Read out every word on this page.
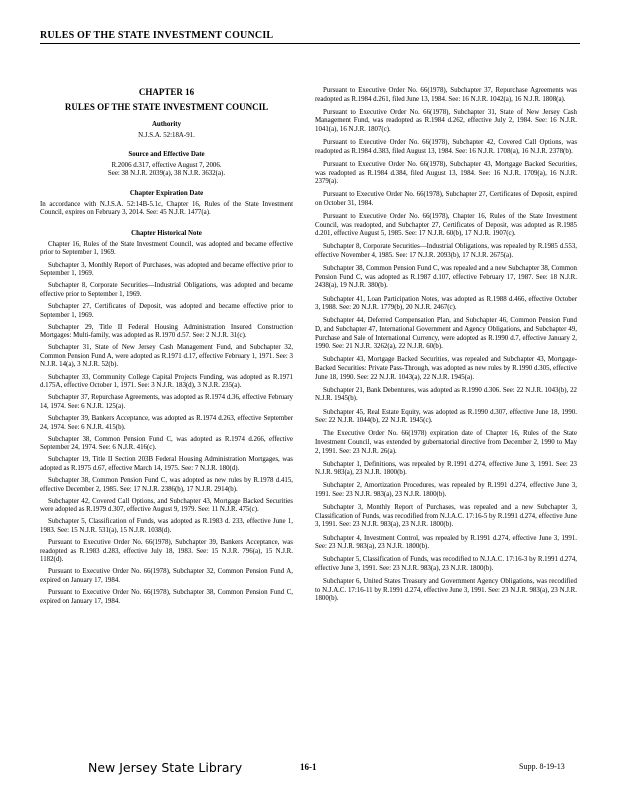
RULES OF THE STATE INVESTMENT COUNCIL
CHAPTER 16
RULES OF THE STATE INVESTMENT COUNCIL
Authority
N.J.S.A. 52:18A-91.
Source and Effective Date
R.2006 d.317, effective August 7, 2006.
See: 38 N.J.R. 2039(a), 38 N.J.R. 3632(a).
Chapter Expiration Date

In accordance with N.J.S.A. 52:14B-5.1c, Chapter 16, Rules of the State Investment Council, expires on February 3, 2014. See: 45 N.J.R. 1477(a).

Chapter Historical Note

Chapter 16, Rules of the State Investment Council, was adopted and became effective prior to September 1, 1969.

Subchapter 3, Monthly Report of Purchases, was adopted and became effective prior to September 1, 1969.

Subchapter 8, Corporate Securities—Industrial Obligations, was adopted and became effective prior to September 1, 1969.

Subchapter 27, Certificates of Deposit, was adopted and became effective prior to September 1, 1969.

Subchapter 29, Title II Federal Housing Administration Insured Construction Mortgages: Multi-family, was adopted as R.1970 d.57. See: 2 N.J.R. 31(c).

Subchapter 31, State of New Jersey Cash Management Fund, and Subchapter 32, Common Pension Fund A, were adopted as R.1971 d.17, effective February 1, 1971. See: 3 N.J.R. 14(a), 3 N.J.R. 52(b).

Subchapter 33, Community College Capital Projects Funding, was adopted as R.1971 d.175A, effective October 1, 1971. See: 3 N.J.R. 183(d), 3 N.J.R. 235(a).

Subchapter 37, Repurchase Agreements, was adopted as R.1974 d.36, effective February 14, 1974. See: 6 N.J.R. 125(a).

Subchapter 39, Bankers Acceptance, was adopted as R.1974 d.263, effective September 24, 1974. See: 6 N.J.R. 415(b).

Subchapter 38, Common Pension Fund C, was adopted as R.1974 d.266, effective September 24, 1974. See: 6 N.J.R. 416(c).

Subchapter 19, Title II Section 203B Federal Housing Administration Mortgages, was adopted as R.1975 d.67, effective March 14, 1975. See: 7 N.J.R. 180(d).

Subchapter 38, Common Pension Fund C, was adopted as new rules by R.1978 d.415, effective December 2, 1985. See: 17 N.J.R. 2386(b), 17 N.J.R. 2914(b).

Subchapter 42, Covered Call Options, and Subchapter 43, Mortgage Backed Securities were adopted as R.1979 d.307, effective August 9, 1979. See: 11 N.J.R. 475(c).

Subchapter 5, Classification of Funds, was adopted as R.1983 d. 233, effective June 1, 1983. See: 15 N.J.R. 531(a), 15 N.J.R. 1038(d).

Pursuant to Executive Order No. 66(1978), Subchapter 39, Bankers Acceptance, was readopted as R.1983 d.283, effective July 18, 1983. See: 15 N.J.R. 796(a), 15 N.J.R. 1182(d).

Pursuant to Executive Order No. 66(1978), Subchapter 32, Common Pension Fund A, expired on January 17, 1984.

Pursuant to Executive Order No. 66(1978), Subchapter 38, Common Pension Fund C, expired on January 17, 1984.

Pursuant to Executive Order No. 66(1978), Subchapter 37, Repurchase Agreements was readopted as R.1984 d.261, filed June 13, 1984. See: 16 N.J.R. 1042(a), 16 N.J.R. 1808(a).

Pursuant to Executive Order No. 66(1978), Subchapter 31, State of New Jersey Cash Management Fund, was readopted as R.1984 d.262, effective July 2, 1984. See: 16 N.J.R. 1041(a), 16 N.J.R. 1807(c).

Pursuant to Executive Order No. 66(1978), Subchapter 42, Covered Call Options, was readopted as R.1984 d.383, filed August 13, 1984. See: 16 N.J.R. 1708(a), 16 N.J.R. 2378(b).

Pursuant to Executive Order No. 66(1978), Subchapter 43, Mortgage Backed Securities, was readopted as R.1984 d.384, filed August 13, 1984. See: 16 N.J.R. 1709(a), 16 N.J.R. 2379(a).

Pursuant to Executive Order No. 66(1978), Subchapter 27, Certificates of Deposit, expired on October 31, 1984.

Pursuant to Executive Order No. 66(1978), Chapter 16, Rules of the State Investment Council, was readopted, and Subchapter 27, Certificates of Deposit, was adopted as R.1985 d.201, effective August 5, 1985. See: 17 N.J.R. 60(b), 17 N.J.R. 1907(c).

Subchapter 8, Corporate Securities—Industrial Obligations, was repealed by R.1985 d.553, effective November 4, 1985. See: 17 N.J.R. 2093(b), 17 N.J.R. 2675(a).

Subchapter 38, Common Pension Fund C, was repealed and a new Subchapter 38, Common Pension Fund C, was adopted as R.1987 d.107, effective February 17, 1987. See: 18 N.J.R. 2438(a), 19 N.J.R. 380(b).

Subchapter 41, Loan Participation Notes, was adopted as R.1988 d.466, effective October 3, 1988. See: 20 N.J.R. 1779(b), 20 N.J.R. 2467(c).

Subchapter 44, Deferred Compensation Plan, and Subchapter 46, Common Pension Fund D, and Subchapter 47, International Government and Agency Obligations, and Subchapter 49, Purchase and Sale of International Currency, were adopted as R.1990 d.7, effective January 2, 1990. See: 21 N.J.R. 3262(a), 22 N.J.R. 60(b).

Subchapter 43, Mortgage Backed Securities, was repealed and Subchapter 43, Mortgage-Backed Securities: Private Pass-Through, was adopted as new rules by R.1990 d.305, effective June 18, 1990. See: 22 N.J.R. 1043(a), 22 N.J.R. 1945(a).

Subchapter 21, Bank Debentures, was adopted as R.1990 d.306. See: 22 N.J.R. 1043(b), 22 N.J.R. 1945(b).

Subchapter 45, Real Estate Equity, was adopted as R.1990 d.307, effective June 18, 1990. See: 22 N.J.R. 1044(b), 22 N.J.R. 1945(c).

The Executive Order No. 66(1978) expiration date of Chapter 16, Rules of the State Investment Council, was extended by gubernatorial directive from December 2, 1990 to May 2, 1991. See: 23 N.J.R. 26(a).

Subchapter 1, Definitions, was repealed by R.1991 d.274, effective June 3, 1991. See: 23 N.J.R. 983(a), 23 N.J.R. 1800(b).

Subchapter 2, Amortization Procedures, was repealed by R.1991 d.274, effective June 3, 1991. See: 23 N.J.R. 983(a), 23 N.J.R. 1800(b).

Subchapter 3, Monthly Report of Purchases, was repealed and a new Subchapter 3, Classification of Funds, was recodified from N.J.A.C. 17:16-5 by R.1991 d.274, effective June 3, 1991. See: 23 N.J.R. 983(a), 23 N.J.R. 1800(b).

Subchapter 4, Investment Control, was repealed by R.1991 d.274, effective June 3, 1991. See: 23 N.J.R. 983(a), 23 N.J.R. 1800(b).

Subchapter 5, Classification of Funds, was recodified to N.J.A.C. 17:16-3 by R.1991 d.274, effective June 3, 1991. See: 23 N.J.R. 983(a), 23 N.J.R. 1800(b).

Subchapter 6, United States Treasury and Government Agency Obligations, was recodified to N.J.A.C. 17:16-11 by R.1991 d.274, effective June 3, 1991. See: 23 N.J.R. 983(a), 23 N.J.R. 1800(b).

New Jersey State Library	16-1	Supp. 8-19-13
